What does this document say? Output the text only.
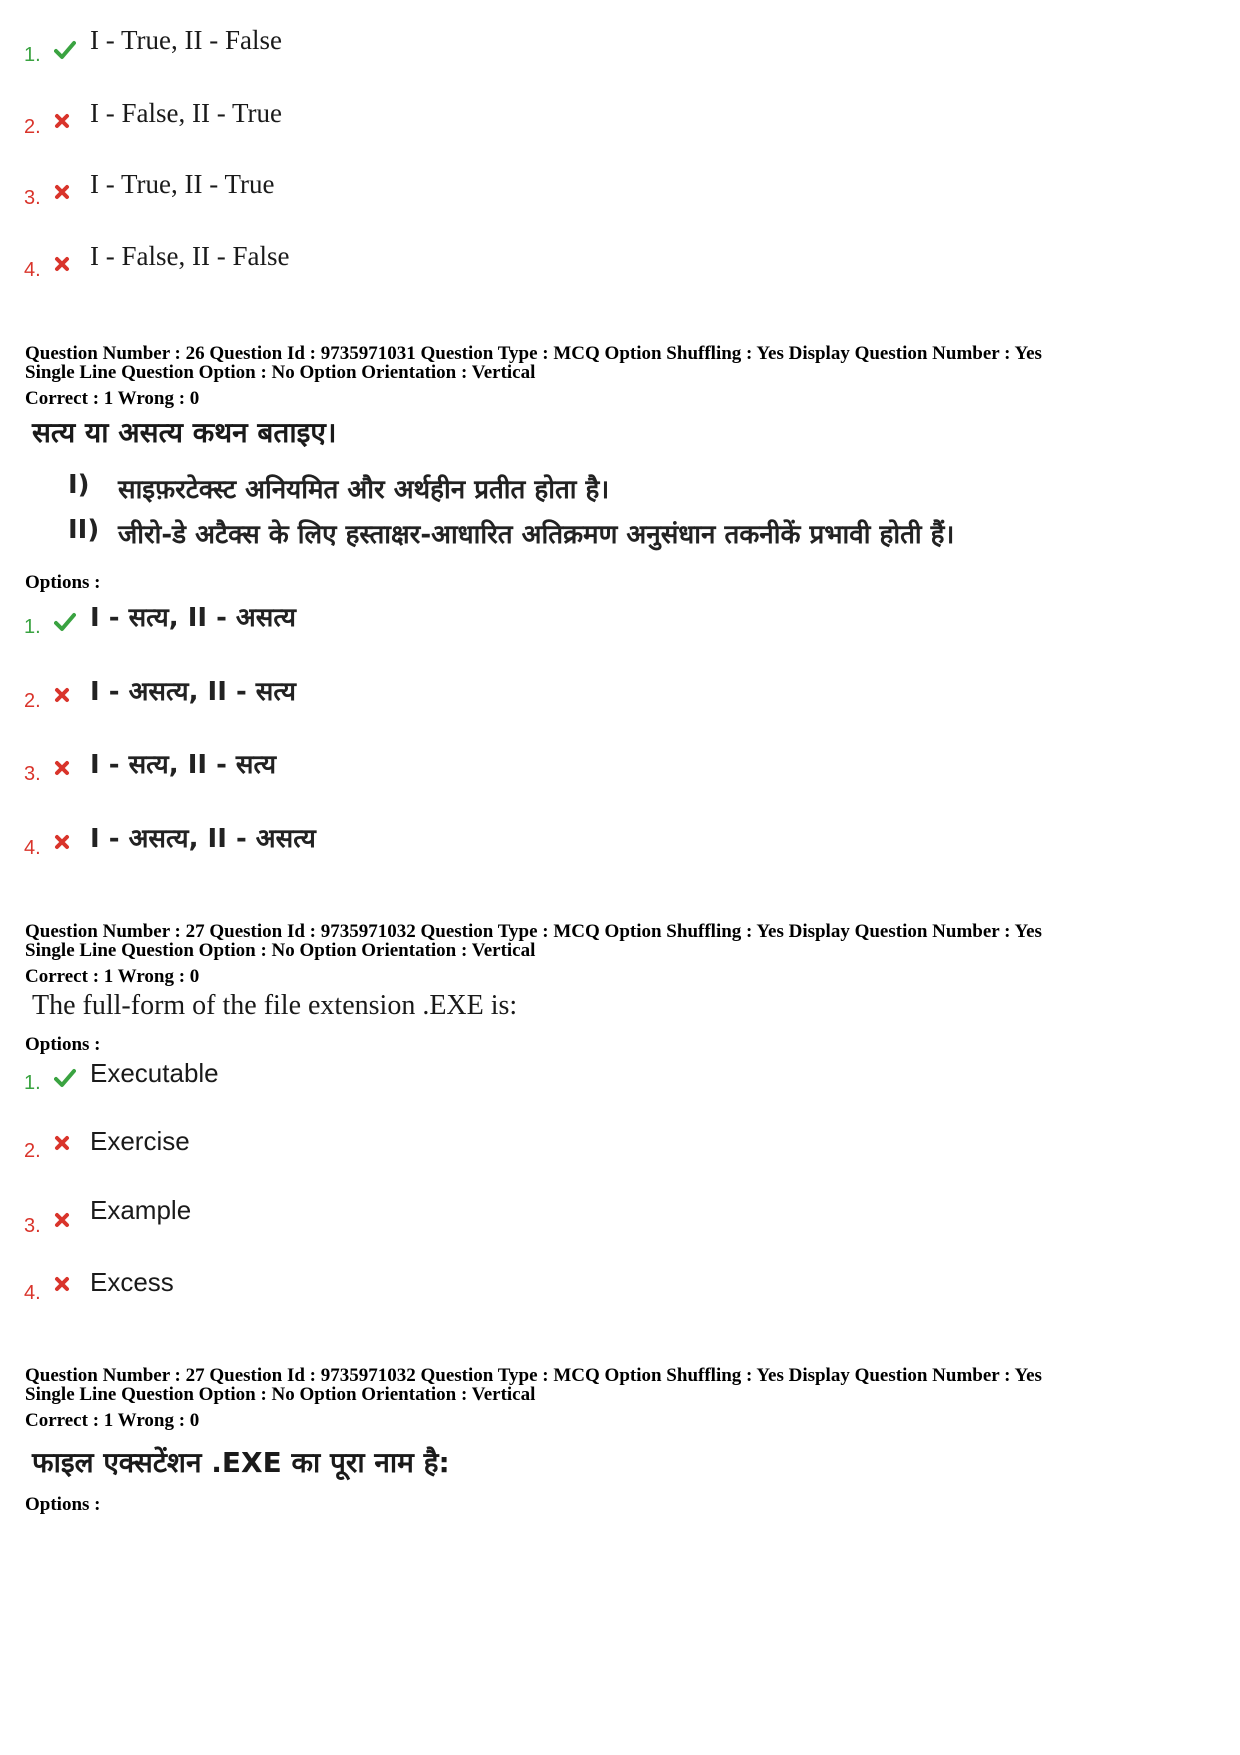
1. I - True, II - False
2. I - False, II - True
3. I - True, II - True
4. I - False, II - False
Question Number : 26 Question Id : 9735971031 Question Type : MCQ Option Shuffling : Yes Display Question Number : Yes
Single Line Question Option : No Option Orientation : Vertical
Correct : 1 Wrong : 0
सत्य या असत्य कथन बताइए।
I) साइफ़रटेक्स्ट अनियमित और अर्थहीन प्रतीत होता है।
II) जीरो-डे अटैक्स के लिए हस्ताक्षर-आधारित अतिक्रमण अनुसंधान तकनीकें प्रभावी होती हैं।
Options :
1. I - सत्य, II - असत्य
2. I - असत्य, II - सत्य
3. I - सत्य, II - सत्य
4. I - असत्य, II - असत्य
Question Number : 27 Question Id : 9735971032 Question Type : MCQ Option Shuffling : Yes Display Question Number : Yes
Single Line Question Option : No Option Orientation : Vertical
Correct : 1 Wrong : 0
The full-form of the file extension .EXE is:
Options :
1. Executable
2. Exercise
3.
Example
4. Excess
Question Number : 27 Question Id : 9735971032 Question Type : MCQ Option Shuffling : Yes Display Question Number : Yes
Single Line Question Option : No Option Orientation : Vertical
Correct : 1 Wrong : 0
फाइल एक्सटेंशन .EXE का पूरा नाम है:
Options :
